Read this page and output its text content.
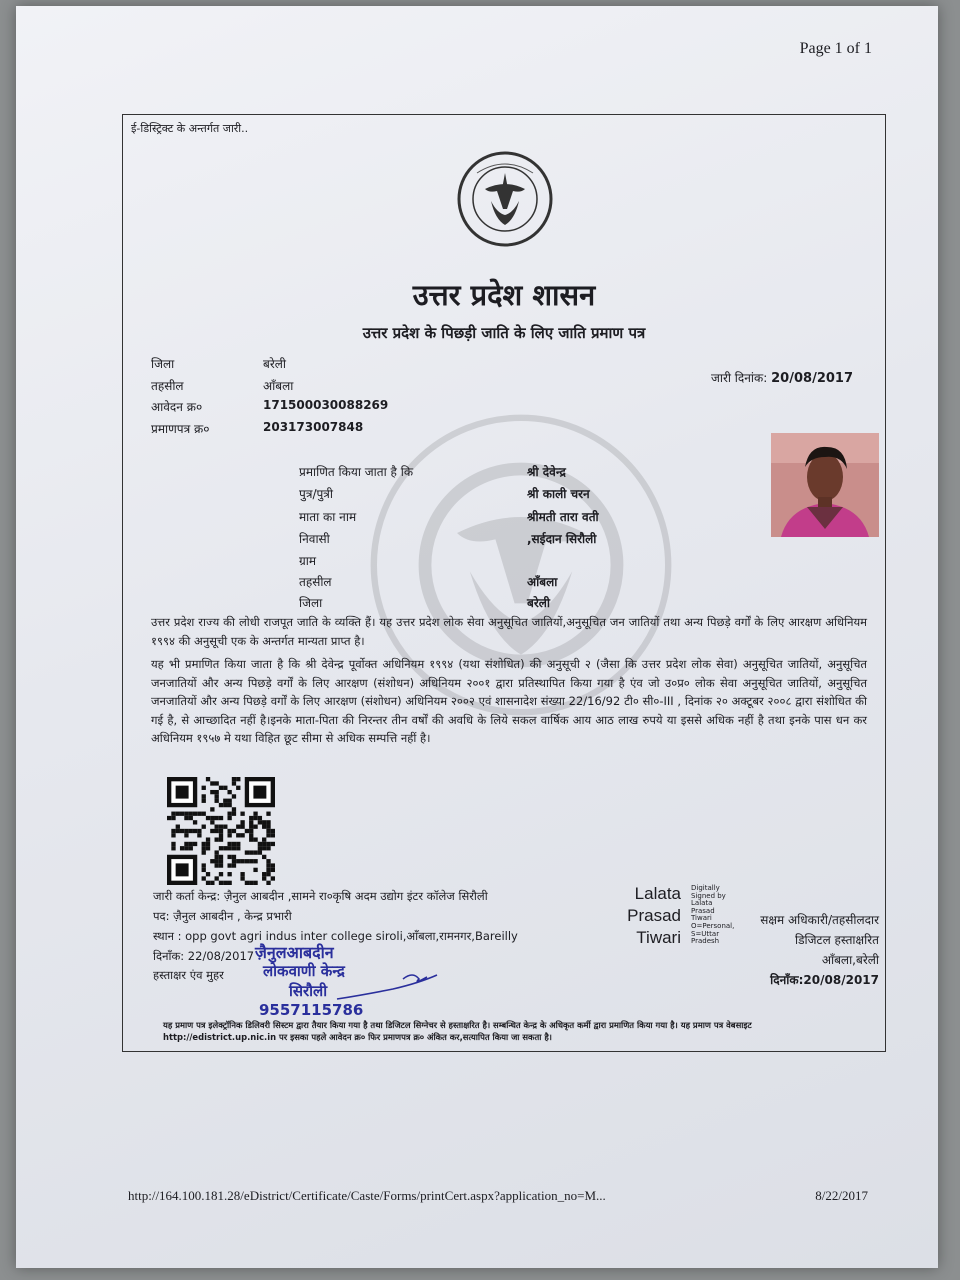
Page 1 of 1
ई-डिस्ट्रिक्ट के अन्तर्गत जारी..
उत्तर प्रदेश शासन
उत्तर प्रदेश के पिछड़ी जाति के लिए जाति प्रमाण पत्र
जिला	बरेली
तहसील	आँबला
आवेदन क्र०	171500030088269
प्रमाणपत्र क्र०	203173007848
जारी दिनांक: 20/08/2017
प्रमाणित किया जाता है कि	श्री देवेन्द्र
पुत्र/पुत्री	श्री काली चरन
माता का नाम	श्रीमती तारा वती
निवासी	,सईदान सिरौली
ग्राम
तहसील	आँबला
जिला	बरेली
उत्तर प्रदेश राज्य की लोधी राजपूत जाति के व्यक्ति हैं। यह उत्तर प्रदेश लोक सेवा अनुसूचित जातियों,अनुसूचित जन जातियों तथा अन्य पिछड़े वर्गों के लिए आरक्षण अधिनियम १९९४ की अनुसूची एक के अन्तर्गत मान्यता प्राप्त है।
यह भी प्रमाणित किया जाता है कि श्री देवेन्द्र पूर्वोक्त अधिनियम १९९४ (यथा संशोधित) की अनुसूची २ (जैसा कि उत्तर प्रदेश लोक सेवा) अनुसूचित जातियों, अनुसूचित जनजातियों और अन्य पिछड़े वर्गों के लिए आरक्षण (संशोधन) अधिनियम २००१ द्वारा प्रतिस्थापित किया गया है एंव जो उ०प्र० लोक सेवा अनुसूचित जातियों, अनुसूचित जनजातियों और अन्य पिछड़े वर्गों के लिए आरक्षण (संशोधन) अधिनियम २००२ एवं शासनादेश संख्या 22/16/92 टी० सी०-III , दिनांक २० अक्टूबर २००८ द्वारा संशोधित की गई है, से आच्छादित नहीं है।इनके माता-पिता की निरन्तर तीन वर्षों की अवधि के लिये सकल वार्षिक आय आठ लाख रुपये या इससे अधिक नहीं है तथा इनके पास धन कर अधिनियम १९५७ मे यथा विहित छूट सीमा से अधिक सम्पत्ति नहीं है।
जारी कर्ता केन्द्र: ज़ैनुल आबदीन ,सामने रा०कृषि अदम उद्योग इंटर कॉलेज सिरौली
पद: ज़ैनुल आबदीन , केन्द्र प्रभारी
स्थान : opp govt agri indus inter college siroli,आँबला,रामनगर,Bareilly
दिनाँक: 22/08/2017
हस्ताक्षर एंव मुहर
ज़ैनुलआबदीन
लोकवाणी केन्द्र
सिरौली
9557115786
Lalata
Prasad
Tiwari
Digitally
Signed by
Lalata
Prasad
Tiwari
O=Personal,
S=Uttar
Pradesh
सक्षम अधिकारी/तहसीलदार
डिजिटल हस्ताक्षरित
आँबला,बरेली
दिनाँक:20/08/2017
यह प्रमाण पत्र इलेक्ट्रॉनिक डिलिवरी सिस्टम द्वारा तैयार किया गया है तथा डिजिटल सिग्नेचर से हस्ताक्षरित है। सम्बन्धित केन्द्र के अधिकृत कर्मी द्वारा प्रमाणित किया गया है। यह प्रमाण पत्र वेबसाइट http://edistrict.up.nic.in पर इसका पहले आवेदन क्र० फिर प्रमाणपत्र क्र० अंकित कर,सत्यापित किया जा सकता है।
http://164.100.181.28/eDistrict/Certificate/Caste/Forms/printCert.aspx?application_no=M...	8/22/2017
